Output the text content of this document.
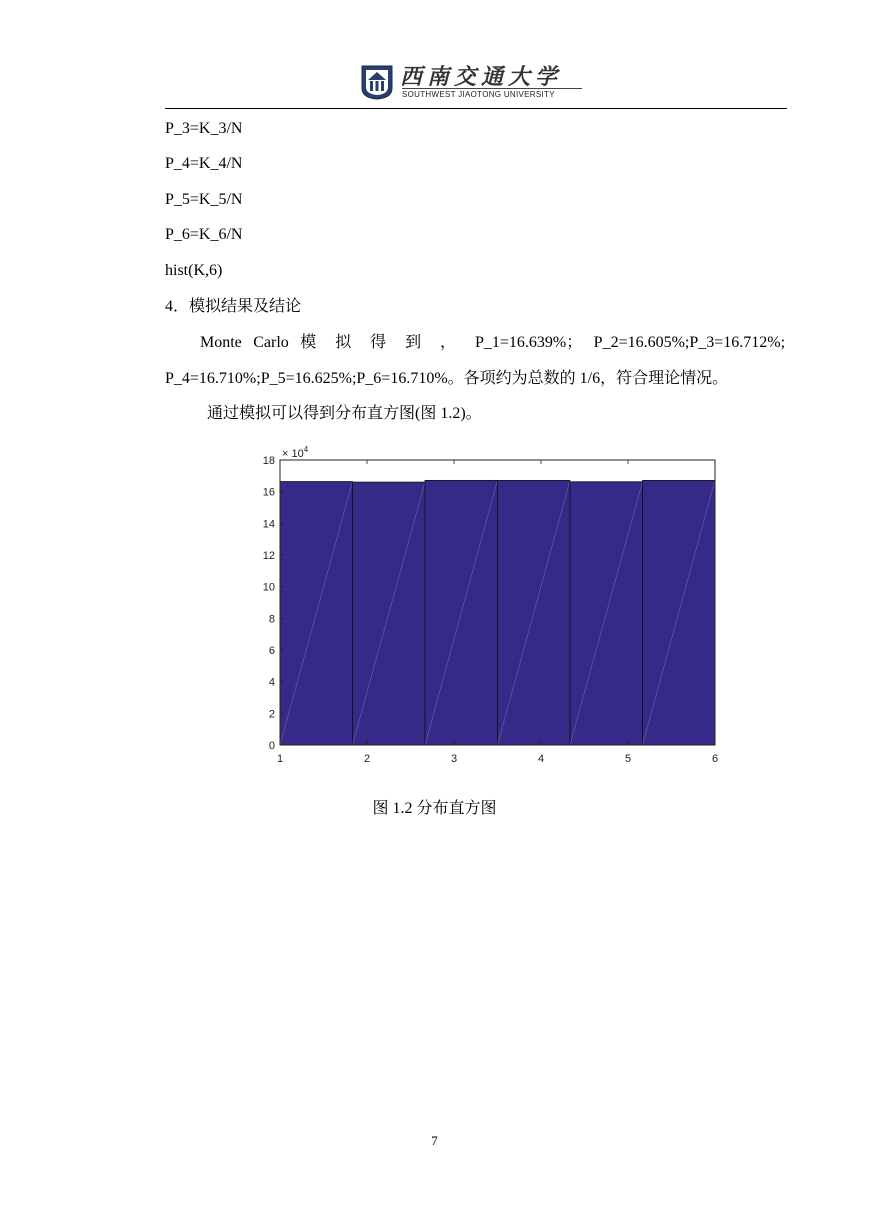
西南交通大学
SOUTHWEST JIAOTONG UNIVERSITY
P_3=K_3/N
P_4=K_4/N
P_5=K_5/N
P_6=K_6/N
hist(K,6)
4．模拟结果及结论
Monte Carlo 模 拟 得 到 ， P_1=16.639%； P_2=16.605%;P_3=16.712%;
P_4=16.710%;P_5=16.625%;P_6=16.710%。各项约为总数的 1/6，符合理论情况。
通过模拟可以得到分布直方图(图 1.2)。
1	2	3	4	5	6
0
2
4
6
8
10
12
14
16
18
× $10^4$
图 1.2 分布直方图
7
